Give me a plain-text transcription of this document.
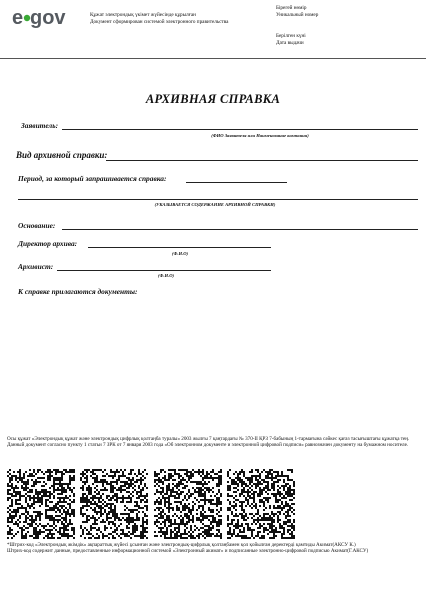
e gov	Құжат электрондық үкімет жүйесінде құрылған
Документ сформирован системой электронного правительства
Бірегей нөмір
Уникальный номер
Берілген күні
Дата выдачи
АРХИВНАЯ СПРАВКА
Заявитель:
(ФИО Заявителя или Наименование компании)
Вид архивной справки:
Период, за который запрашивается справка:
(УКАЗЫВАЕТСЯ СОДЕРЖАНИЕ АРХИВНОЙ СПРАВКИ)
Основание:
Директор архива:
(Ф.И.О)
Архивист:
(Ф.И.О)
К справке прилагаются документы:
Осы құжат «Электрондық құжат және электрондық цифрлық қолтаңба туралы» 2003 жылғы 7 қаңтардағы № 370-II ҚРЗ 7-бабының 1-тармағына сәйкес қағаз тасығыштағы құжатқа тең.
Данный документ согласно пункту 1 статьи 7 ЗРК от 7 января 2003 года «Об электронном документе и электронной цифровой подписи» равнозначен документу на бумажном носителе.
*Штрих-код «Электрондық әкімдік» ақпараттық жүйесі ұсынған және электрондық-цифрлық қолтаңбамен қол қойылған деректерді қамтиды Акимат(АКСУ К.)
Штрих-код содержит данные, предоставленные информационной системой «Электронный акимат» и подписанные электронно-цифровой подписью Акимат(Г.АКСУ)
